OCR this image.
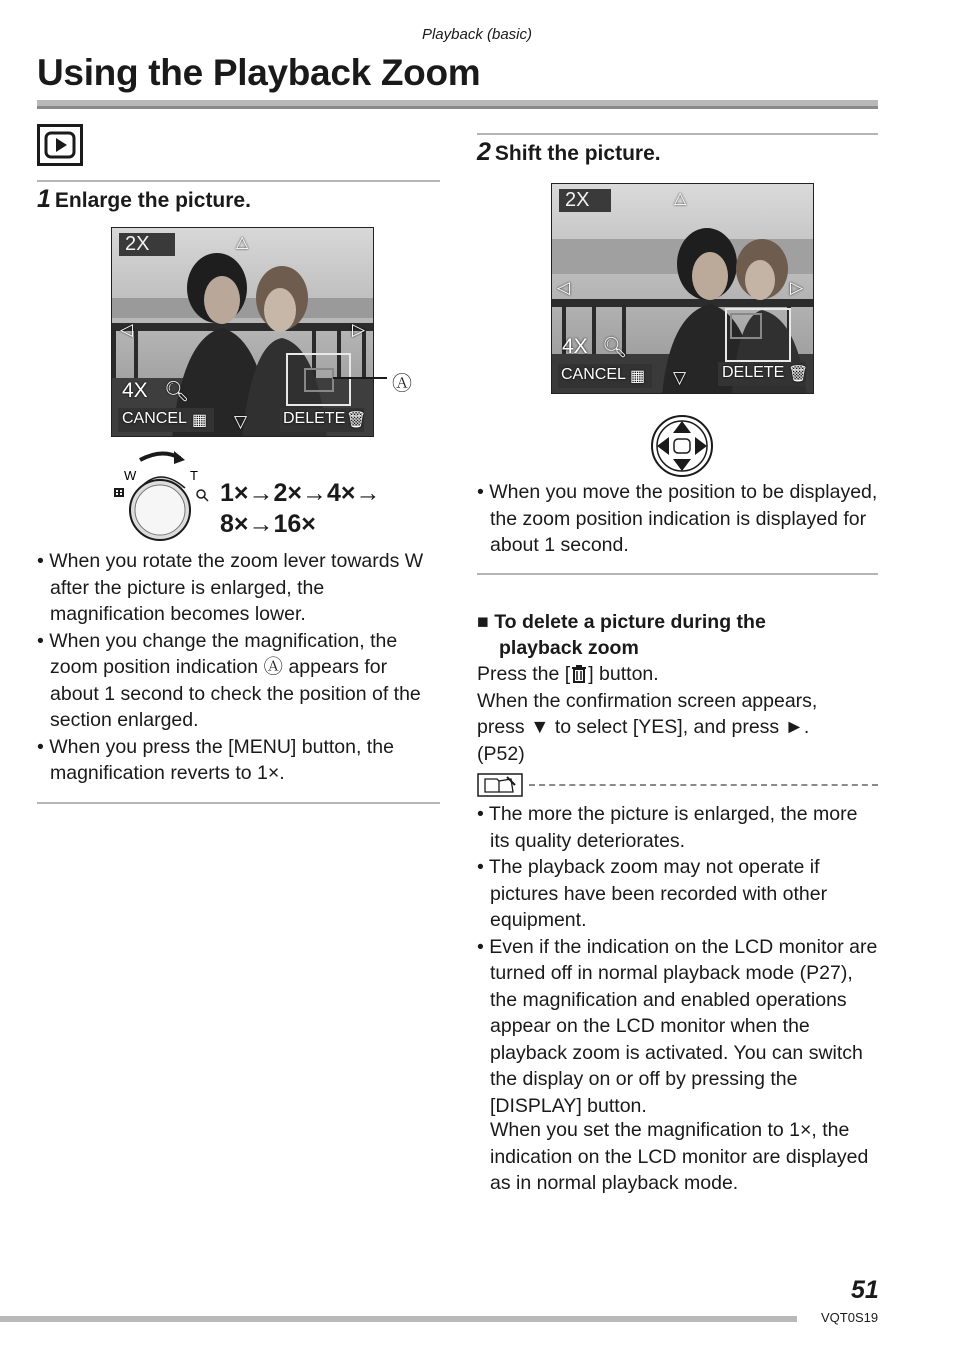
Playback (basic)
Using the Playback Zoom
1 Enlarge the picture.
2X	△
◁	▷
4X 🔍︎
CANCEL ▦ ▽ DELETE 🗑︎
Ⓐ
W	T
1×→2×→4×→
8×→16×
• When you rotate the zoom lever towards W after the picture is enlarged, the magnification becomes lower.
• When you change the magnification, the zoom position indication Ⓐ appears for about 1 second to check the position of the section enlarged.
• When you press the [MENU] button, the magnification reverts to 1×.
2 Shift the picture.
2X	△
◁	▷
4X 🔍︎
CANCEL ▦ ▽ DELETE 🗑︎
• When you move the position to be displayed, the zoom position indication is displayed for about 1 second.
■ To delete a picture during the
playback zoom
Press the [ ] button.
When the confirmation screen appears,
press ▼ to select [YES], and press ►.
(P52)
• The more the picture is enlarged, the more its quality deteriorates.
• The playback zoom may not operate if pictures have been recorded with other equipment.
• Even if the indication on the LCD monitor are turned off in normal playback mode (P27), the magnification and enabled operations appear on the LCD monitor when the playback zoom is activated. You can switch the display on or off by pressing the [DISPLAY] button.
When you set the magnification to 1×, the indication on the LCD monitor are displayed as in normal playback mode.
51
VQT0S19
